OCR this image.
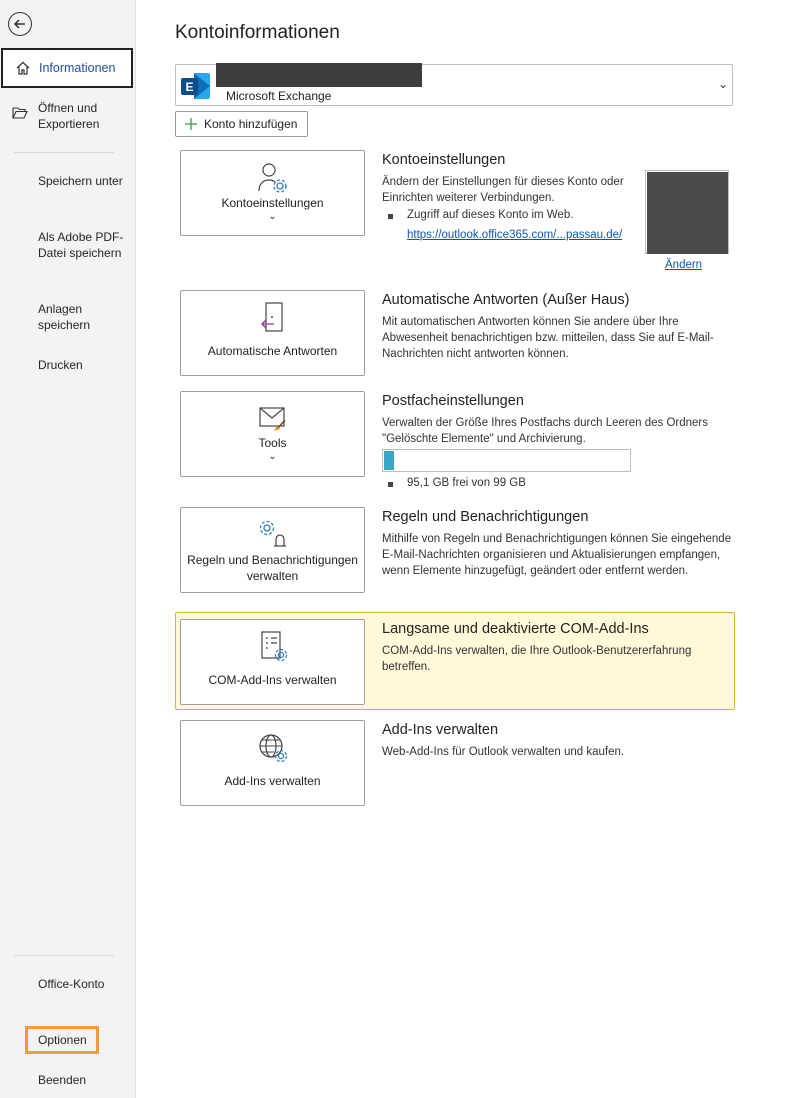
Informationen
Öffnen und Exportieren
Speichern unter
Als Adobe PDF-Datei speichern
Anlagen speichern
Drucken
Office-Konto
Optionen
Beenden
Kontoinformationen
E
Microsoft Exchange
⌄
Konto hinzufügen
Kontoeinstellungen
⌄
Kontoeinstellungen
Ändern der Einstellungen für dieses Konto oder Einrichten weiterer Verbindungen.
Zugriff auf dieses Konto im Web.
https://outlook.office365.com/...passau.de/
Ändern
Automatische Antworten
Automatische Antworten (Außer Haus)
Mit automatischen Antworten können Sie andere über Ihre Abwesenheit benachrichtigen bzw. mitteilen, dass Sie auf E-Mail-Nachrichten nicht antworten können.
Tools
⌄
Postfacheinstellungen
Verwalten der Größe Ihres Postfachs durch Leeren des Ordners "Gelöschte Elemente" und Archivierung.
95,1 GB frei von 99 GB
Regeln und Benachrichtigungen verwalten
Regeln und Benachrichtigungen
Mithilfe von Regeln und Benachrichtigungen können Sie eingehende E-Mail-Nachrichten organisieren und Aktualisierungen empfangen, wenn Elemente hinzugefügt, geändert oder entfernt werden.
COM-Add-Ins verwalten
Langsame und deaktivierte COM-Add-Ins
COM-Add-Ins verwalten, die Ihre Outlook-Benutzererfahrung betreffen.
Add-Ins verwalten
Add-Ins verwalten
Web-Add-Ins für Outlook verwalten und kaufen.
